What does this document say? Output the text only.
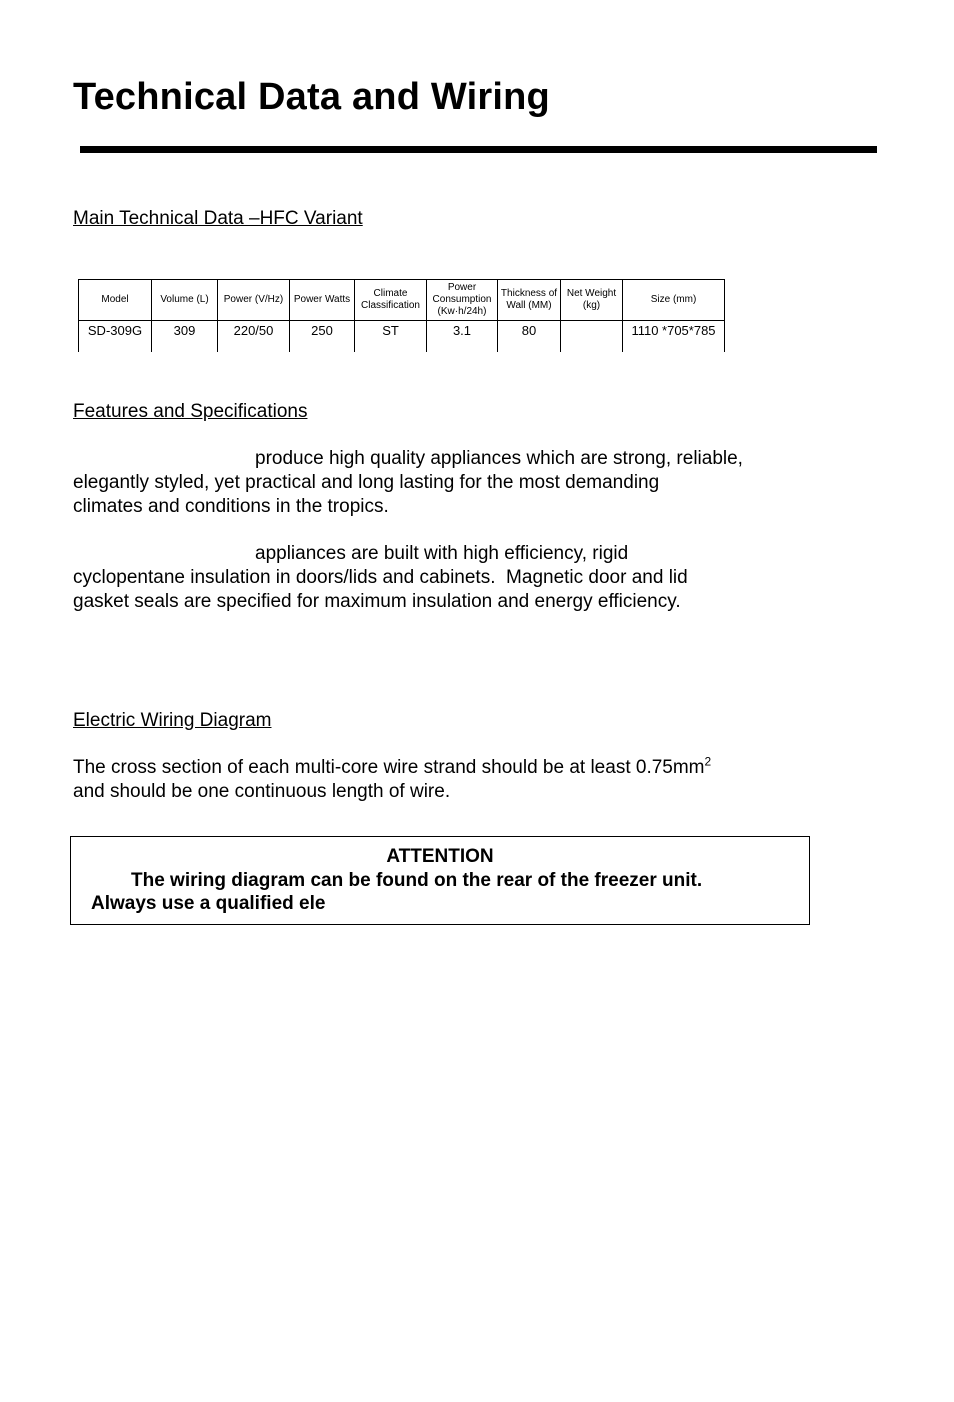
Technical Data and Wiring
Main Technical Data –HFC Variant
Model	Volume (L)	Power (V/Hz)	Power Watts	Climate Classification	Power Consumption (Kw·h/24h)	Thickness of Wall (MM)	Net Weight (kg)	Size (mm)
SD-309G	309	220/50	250	ST	3.1	80		1110 *705*785
Features and Specifications
produce high quality appliances which are strong, reliable,
elegantly styled, yet practical and long lasting for the most demanding
climates and conditions in the tropics.
appliances are built with high efficiency, rigid
cyclopentane insulation in doors/lids and cabinets.  Magnetic door and lid
gasket seals are specified for maximum insulation and energy efficiency.
Electric Wiring Diagram
The cross section of each multi-core wire strand should be at least $0.75mm^2$
and should be one continuous length of wire.
ATTENTION
The wiring diagram can be found on the rear of the freezer unit.
Always use a qualified ele
